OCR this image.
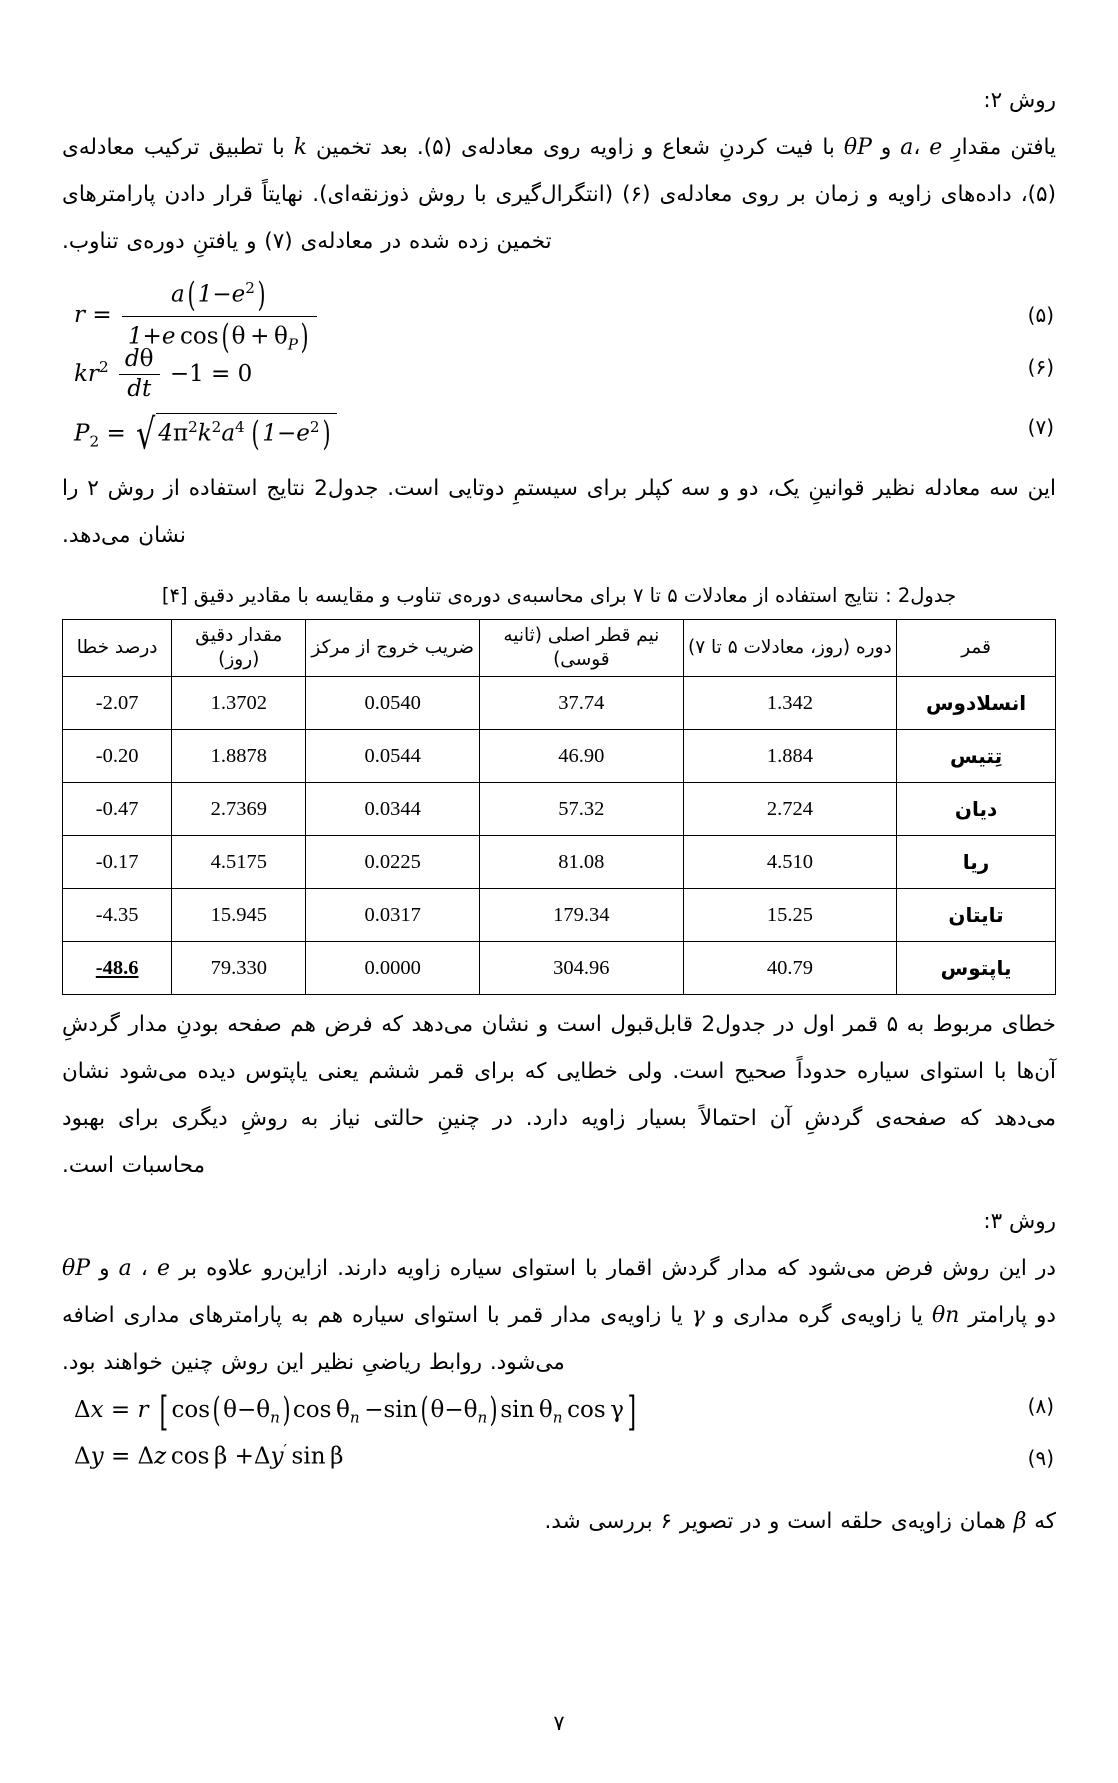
روش ۲:

یافتن مقدارِ a، e و θP با فیت کردنِ شعاع و زاویه روی معادله‌ی (۵). بعد تخمین k با تطبیق ترکیب معادله‌ی (۵)، داده‌های زاویه و زمان بر روی معادله‌ی (۶) (انتگرال‌گیری با روش ذوزنقه‌ای). نهایتاً قرار دادن پارامترهای تخمین زده شده در معادله‌ی (۷) و یافتنِ دوره‌ی تناوب.

$r = \frac{a( 1-e^2)}{1+e \cos( \theta + \theta_P)}$	(۵)
$kr^2 \frac{d\theta}{dt} -1 = 0$	(۶)
$P_2$ = √ $4\pi^2k^2a^4$  ( $1-e^2$)	(۷)

این سه معادله نظیر قوانینِ یک، دو و سه کپلر برای سیستمِ دوتایی است. جدول2 نتایج استفاده از روش ۲ را نشان می‌دهد.

جدول2 : نتایج استفاده از معادلات ۵ تا ۷ برای محاسبه‌ی دوره‌ی تناوب و مقایسه با مقادیر دقیق [۴]

قمر	دوره (روز، معادلات ۵ تا ۷)	نیم قطر اصلی (ثانیه قوسی)	ضریب خروج از مرکز	مقدار دقیق (روز)	درصد خطا
انسلادوس	1.342	37.74	0.0540	1.3702	-2.07
تِتیس	1.884	46.90	0.0544	1.8878	-0.20
دیان	2.724	57.32	0.0344	2.7369	-0.47
ریا	4.510	81.08	0.0225	4.5175	-0.17
تایتان	15.25	179.34	0.0317	15.945	-4.35
یاپتوس	40.79	304.96	0.0000	79.330	-48.6

خطای مربوط به ۵ قمر اول در جدول2 قابل‌قبول است و نشان می‌دهد که فرض هم صفحه بودنِ مدار گردشِ آن‌ها با استوای سیاره حدوداً صحیح است. ولی خطایی که برای قمر ششم یعنی یاپتوس دیده می‌شود نشان می‌دهد که صفحه‌ی گردشِ آن احتمالاً بسیار زاویه دارد. در چنینِ حالتی نیاز به روشِ دیگری برای بهبود محاسبات است.

روش ۳:

در این روش فرض می‌شود که مدار گردش اقمار با استوای سیاره زاویه دارند. ازاین‌رو علاوه بر a ، e و θP دو پارامتر θn یا زاویه‌ی گره مداری و γ یا زاویه‌ی مدار قمر با استوای سیاره هم به پارامترهای مداری اضافه می‌شود. روابط ریاضیِ نظیر این روش چنین خواهند بود.

Δx = r [ cos( $\theta-\theta_n$) $\cos \theta_n -\sin$( $\theta-\theta_n$) $\sin \theta_n$ cos γ]	(۸)
Δy = Δz cos β +Δy′ sin β	(۹)

که β همان زاویه‌ی حلقه است و در تصویر ۶ بررسی شد.

۷
